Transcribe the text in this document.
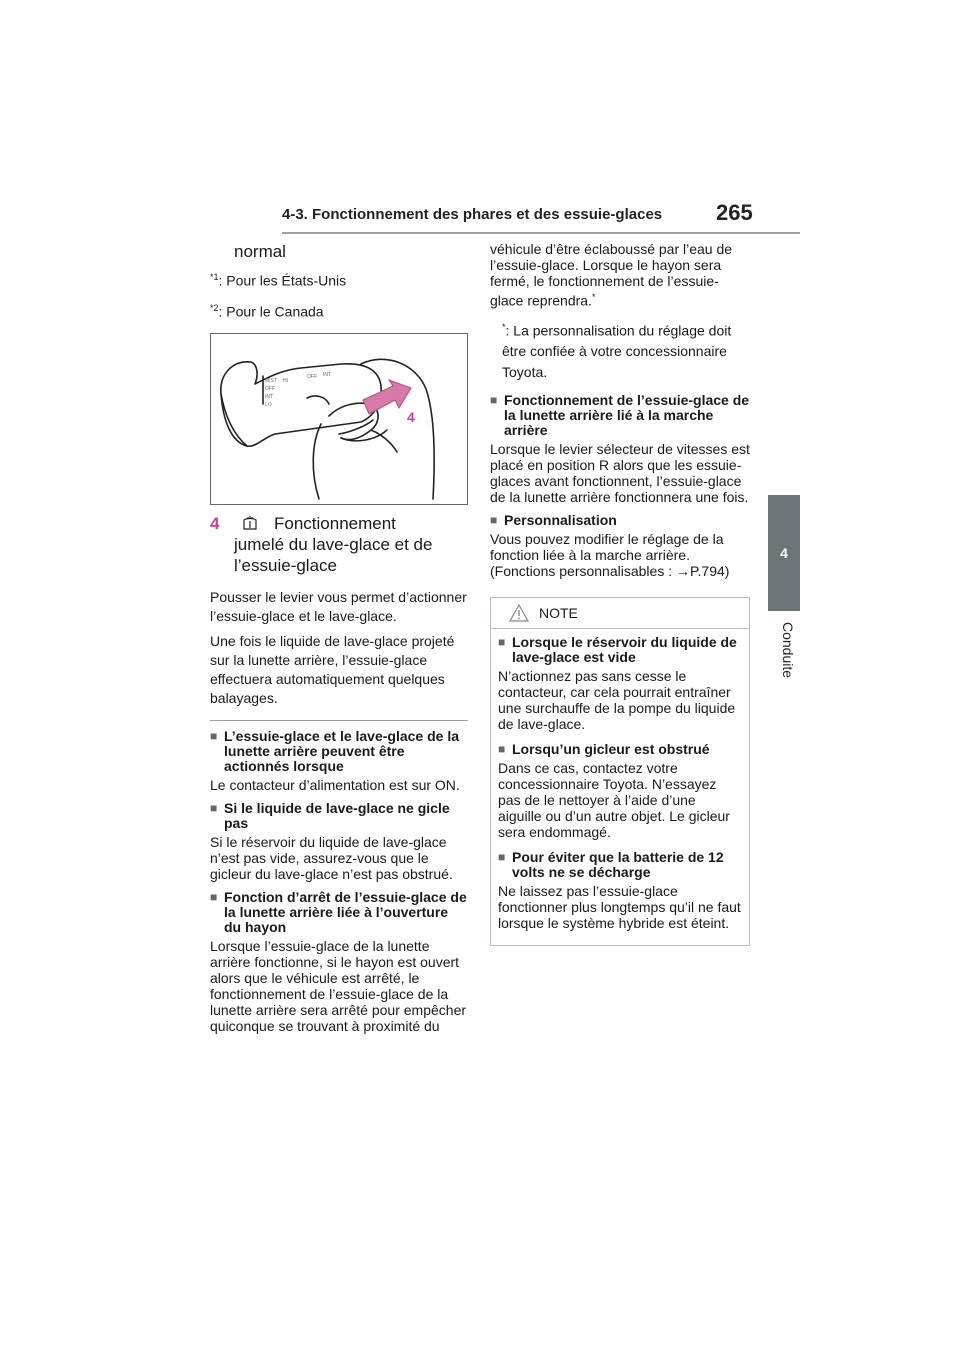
4-3. Fonctionnement des phares et des essuie-glaces 265
4
Conduite
normal
$^{*1}$: Pour les États-Unis
$^{*2}$: Pour le Canada
MIST
OFF
INT
LO
HI
OFF INT
4
4	Fonctionnement
jumelé du lave-glace et de
l’essuie-glace

Pousser le levier vous permet d’actionner l’essuie-glace et le lave-glace.

Une fois le liquide de lave-glace projeté sur la lunette arrière, l’essuie-glace effectuera automatiquement quelques balayages.

■ L’essuie-glace et le lave-glace de la lunette arrière peuvent être actionnés lorsque

Le contacteur d’alimentation est sur ON.

■ Si le liquide de lave-glace ne gicle pas

Si le réservoir du liquide de lave-glace n’est pas vide, assurez-vous que le gicleur du lave-glace n’est pas obstrué.

■ Fonction d’arrêt de l’essuie-glace de la lunette arrière liée à l’ouverture du hayon

Lorsque l’essuie-glace de la lunette arrière fonctionne, si le hayon est ouvert alors que le véhicule est arrêté, le fonctionnement de l’essuie-glace de la lunette arrière sera arrêté pour empêcher quiconque se trouvant à proximité du

véhicule d’être éclaboussé par l’eau de l’essuie-glace. Lorsque le hayon sera fermé, le fonctionnement de l’essuie-glace reprendra.*

*: La personnalisation du réglage doit être confiée à votre concessionnaire Toyota.
■ Fonctionnement de l’essuie-glace de la lunette arrière lié à la marche arrière

Lorsque le levier sélecteur de vitesses est placé en position R alors que les essuie-glaces avant fonctionnent, l’essuie-glace de la lunette arrière fonctionnera une fois.

■ Personnalisation

Vous pouvez modifier le réglage de la fonction liée à la marche arrière. (Fonctions personnalisables : →P.794)

NOTE
■ Lorsque le réservoir du liquide de lave-glace est vide

N’actionnez pas sans cesse le contacteur, car cela pourrait entraîner une surchauffe de la pompe du liquide de lave-glace.

■ Lorsqu’un gicleur est obstrué

Dans ce cas, contactez votre concessionnaire Toyota. N’essayez pas de le nettoyer à l’aide d’une aiguille ou d’un autre objet. Le gicleur sera endommagé.

■ Pour éviter que la batterie de 12 volts ne se décharge

Ne laissez pas l’essuie-glace fonctionner plus longtemps qu’il ne faut lorsque le système hybride est éteint.
